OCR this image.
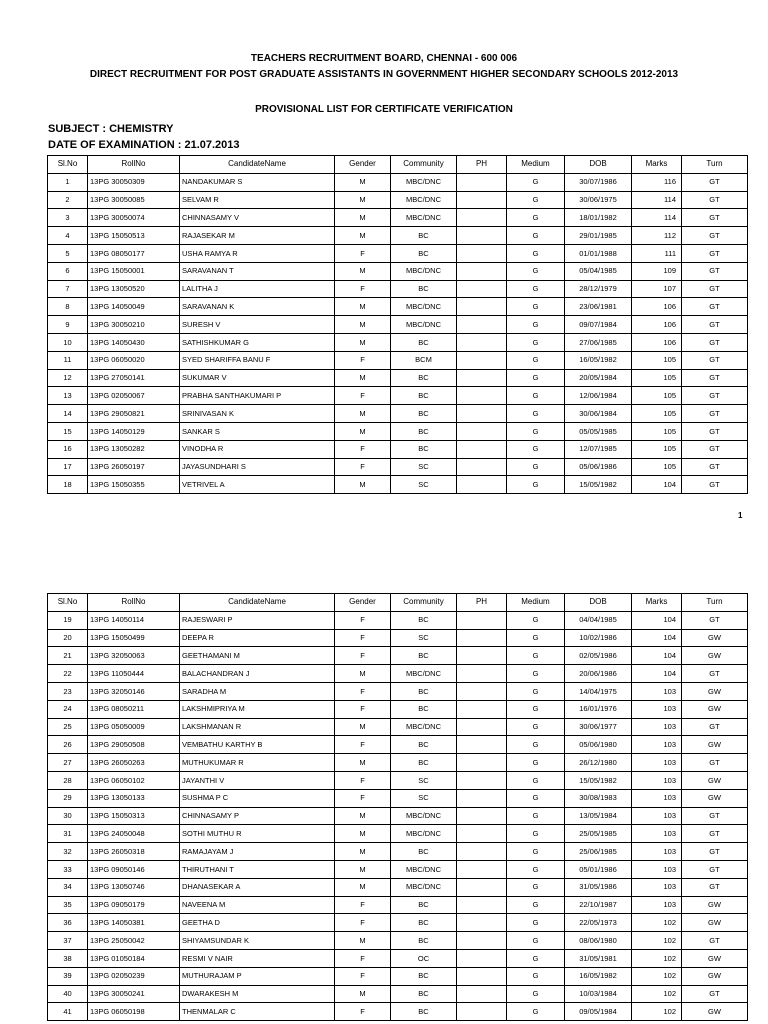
TEACHERS RECRUITMENT BOARD, CHENNAI - 600 006
DIRECT RECRUITMENT FOR POST GRADUATE ASSISTANTS IN GOVERNMENT HIGHER SECONDARY SCHOOLS 2012-2013
PROVISIONAL LIST FOR CERTIFICATE VERIFICATION
SUBJECT : CHEMISTRY
DATE OF EXAMINATION : 21.07.2013
Sl.No	RollNo	CandidateName	Gender	Community	PH	Medium	DOB	Marks	Turn
1	13PG 30050309	NANDAKUMAR S	M	MBC/DNC		G	30/07/1986	116	GT
2	13PG 30050085	SELVAM R	M	MBC/DNC		G	30/06/1975	114	GT
3	13PG 30050074	CHINNASAMY V	M	MBC/DNC		G	18/01/1982	114	GT
4	13PG 15050513	RAJASEKAR M	M	BC		G	29/01/1985	112	GT
5	13PG 08050177	USHA RAMYA R	F	BC		G	01/01/1988	111	GT
6	13PG 15050001	SARAVANAN T	M	MBC/DNC		G	05/04/1985	109	GT
7	13PG 13050520	LALITHA J	F	BC		G	28/12/1979	107	GT
8	13PG 14050049	SARAVANAN K	M	MBC/DNC		G	23/06/1981	106	GT
9	13PG 30050210	SURESH V	M	MBC/DNC		G	09/07/1984	106	GT
10	13PG 14050430	SATHISHKUMAR G	M	BC		G	27/06/1985	106	GT
11	13PG 06050020	SYED SHARIFFA BANU F	F	BCM		G	16/05/1982	105	GT
12	13PG 27050141	SUKUMAR V	M	BC		G	20/05/1984	105	GT
13	13PG 02050067	PRABHA SANTHAKUMARI P	F	BC		G	12/06/1984	105	GT
14	13PG 29050821	SRINIVASAN K	M	BC		G	30/06/1984	105	GT
15	13PG 14050129	SANKAR S	M	BC		G	05/05/1985	105	GT
16	13PG 13050282	VINODHA R	F	BC		G	12/07/1985	105	GT
17	13PG 26050197	JAYASUNDHARI S	F	SC		G	05/06/1986	105	GT
18	13PG 15050355	VETRIVEL A	M	SC		G	15/05/1982	104	GT
1
Sl.No	RollNo	CandidateName	Gender	Community	PH	Medium	DOB	Marks	Turn
19	13PG 14050114	RAJESWARI P	F	BC		G	04/04/1985	104	GT
20	13PG 15050499	DEEPA R	F	SC		G	10/02/1986	104	GW
21	13PG 32050063	GEETHAMANI M	F	BC		G	02/05/1986	104	GW
22	13PG 11050444	BALACHANDRAN J	M	MBC/DNC		G	20/06/1986	104	GT
23	13PG 32050146	SARADHA M	F	BC		G	14/04/1975	103	GW
24	13PG 08050211	LAKSHMIPRIYA M	F	BC		G	16/01/1976	103	GW
25	13PG 05050009	LAKSHMANAN R	M	MBC/DNC		G	30/06/1977	103	GT
26	13PG 29050508	VEMBATHU KARTHY B	F	BC		G	05/06/1980	103	GW
27	13PG 26050263	MUTHUKUMAR R	M	BC		G	26/12/1980	103	GT
28	13PG 06050102	JAYANTHI V	F	SC		G	15/05/1982	103	GW
29	13PG 13050133	SUSHMA P C	F	SC		G	30/08/1983	103	GW
30	13PG 15050313	CHINNASAMY P	M	MBC/DNC		G	13/05/1984	103	GT
31	13PG 24050048	SOTHI MUTHU R	M	MBC/DNC		G	25/05/1985	103	GT
32	13PG 26050318	RAMAJAYAM J	M	BC		G	25/06/1985	103	GT
33	13PG 09050146	THIRUTHANI T	M	MBC/DNC		G	05/01/1986	103	GT
34	13PG 13050746	DHANASEKAR A	M	MBC/DNC		G	31/05/1986	103	GT
35	13PG 09050179	NAVEENA M	F	BC		G	22/10/1987	103	GW
36	13PG 14050381	GEETHA D	F	BC		G	22/05/1973	102	GW
37	13PG 25050042	SHIYAMSUNDAR K	M	BC		G	08/06/1980	102	GT
38	13PG 01050184	RESMI V NAIR	F	OC		G	31/05/1981	102	GW
39	13PG 02050239	MUTHURAJAM P	F	BC		G	16/05/1982	102	GW
40	13PG 30050241	DWARAKESH M	M	BC		G	10/03/1984	102	GT
41	13PG 06050198	THENMALAR C	F	BC		G	09/05/1984	102	GW
